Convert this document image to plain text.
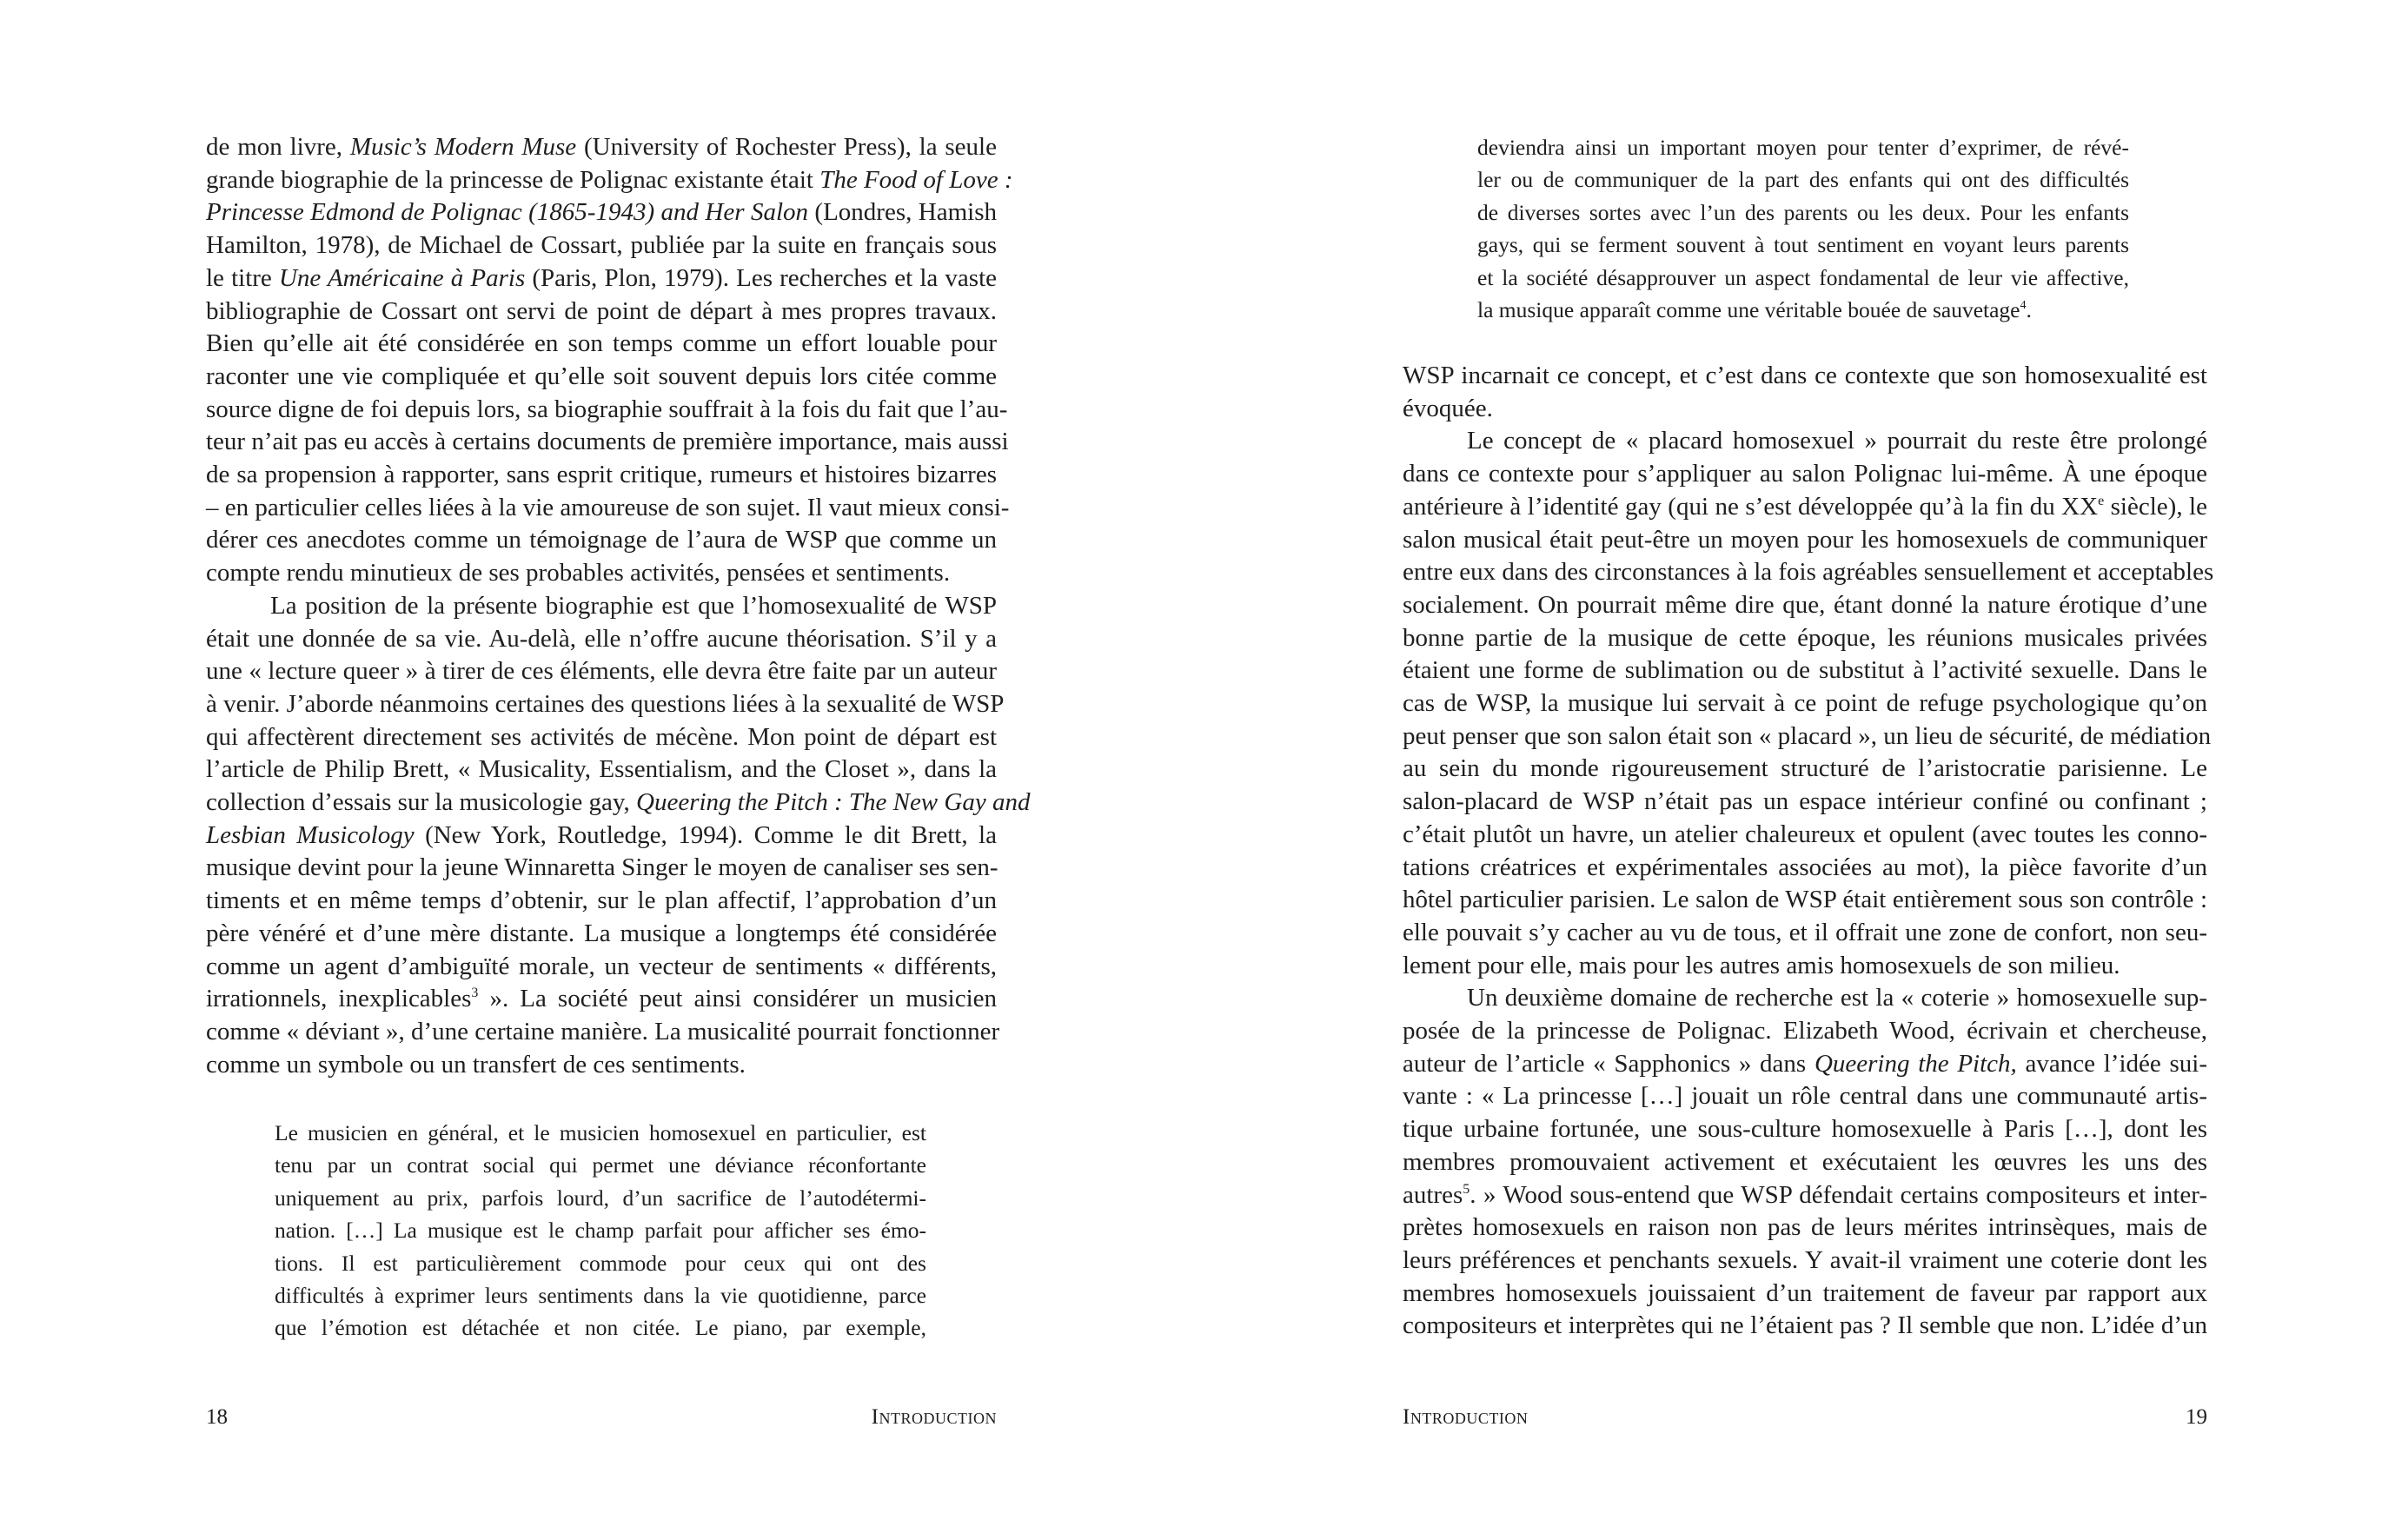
de mon livre, Music’s Modern Muse (University of Rochester Press), la seule
grande biographie de la princesse de Polignac existante était The Food of Love :
Princesse Edmond de Polignac (1865-1943) and Her Salon (Londres, Hamish
Hamilton, 1978), de Michael de Cossart, publiée par la suite en français sous
le titre Une Américaine à Paris (Paris, Plon, 1979). Les recherches et la vaste
bibliographie de Cossart ont servi de point de départ à mes propres travaux.
Bien qu’elle ait été considérée en son temps comme un effort louable pour
raconter une vie compliquée et qu’elle soit souvent depuis lors citée comme
source digne de foi depuis lors, sa biographie souffrait à la fois du fait que l’au-
teur n’ait pas eu accès à certains documents de première importance, mais aussi
de sa propension à rapporter, sans esprit critique, rumeurs et histoires bizarres
– en particulier celles liées à la vie amoureuse de son sujet. Il vaut mieux consi-
dérer ces anecdotes comme un témoignage de l’aura de WSP que comme un
compte rendu minutieux de ses probables activités, pensées et sentiments.
La position de la présente biographie est que l’homosexualité de WSP
était une donnée de sa vie. Au-delà, elle n’offre aucune théorisation. S’il y a
une « lecture queer » à tirer de ces éléments, elle devra être faite par un auteur
à venir. J’aborde néanmoins certaines des questions liées à la sexualité de WSP
qui affectèrent directement ses activités de mécène. Mon point de départ est
l’article de Philip Brett, « Musicality, Essentialism, and the Closet », dans la
collection d’essais sur la musicologie gay, Queering the Pitch : The New Gay and
Lesbian Musicology (New York, Routledge, 1994). Comme le dit Brett, la
musique devint pour la jeune Winnaretta Singer le moyen de canaliser ses sen-
timents et en même temps d’obtenir, sur le plan affectif, l’approbation d’un
père vénéré et d’une mère distante. La musique a longtemps été considérée
comme un agent d’ambiguïté morale, un vecteur de sentiments « différents,
irrationnels, inexplicables$^3$ ». La société peut ainsi considérer un musicien
comme « déviant », d’une certaine manière. La musicalité pourrait fonctionner
comme un symbole ou un transfert de ces sentiments.
Le musicien en général, et le musicien homosexuel en particulier, est
tenu par un contrat social qui permet une déviance réconfortante
uniquement au prix, parfois lourd, d’un sacrifice de l’autodétermi-
nation. […] La musique est le champ parfait pour afficher ses émo-
tions. Il est particulièrement commode pour ceux qui ont des
difficultés à exprimer leurs sentiments dans la vie quotidienne, parce
que l’émotion est détachée et non citée. Le piano, par exemple,
18	Introduction
deviendra ainsi un important moyen pour tenter d’exprimer, de révé-
ler ou de communiquer de la part des enfants qui ont des difficultés
de diverses sortes avec l’un des parents ou les deux. Pour les enfants
gays, qui se ferment souvent à tout sentiment en voyant leurs parents
et la société désapprouver un aspect fondamental de leur vie affective,
la musique apparaît comme une véritable bouée de sauvetage$^4$.
WSP incarnait ce concept, et c’est dans ce contexte que son homosexualité est
évoquée.
Le concept de « placard homosexuel » pourrait du reste être prolongé
dans ce contexte pour s’appliquer au salon Polignac lui-même. À une époque
antérieure à l’identité gay (qui ne s’est développée qu’à la fin du XXe siècle), le
salon musical était peut-être un moyen pour les homosexuels de communiquer
entre eux dans des circonstances à la fois agréables sensuellement et acceptables
socialement. On pourrait même dire que, étant donné la nature érotique d’une
bonne partie de la musique de cette époque, les réunions musicales privées
étaient une forme de sublimation ou de substitut à l’activité sexuelle. Dans le
cas de WSP, la musique lui servait à ce point de refuge psychologique qu’on
peut penser que son salon était son « placard », un lieu de sécurité, de médiation
au sein du monde rigoureusement structuré de l’aristocratie parisienne. Le
salon-placard de WSP n’était pas un espace intérieur confiné ou confinant ;
c’était plutôt un havre, un atelier chaleureux et opulent (avec toutes les conno-
tations créatrices et expérimentales associées au mot), la pièce favorite d’un
hôtel particulier parisien. Le salon de WSP était entièrement sous son contrôle :
elle pouvait s’y cacher au vu de tous, et il offrait une zone de confort, non seu-
lement pour elle, mais pour les autres amis homosexuels de son milieu.
Un deuxième domaine de recherche est la « coterie » homosexuelle sup-
posée de la princesse de Polignac. Elizabeth Wood, écrivain et chercheuse,
auteur de l’article « Sapphonics » dans Queering the Pitch, avance l’idée sui-
vante : « La princesse […] jouait un rôle central dans une communauté artis-
tique urbaine fortunée, une sous-culture homosexuelle à Paris […], dont les
membres promouvaient activement et exécutaient les œuvres les uns des
autres$^5$. » Wood sous-entend que WSP défendait certains compositeurs et inter-
prètes homosexuels en raison non pas de leurs mérites intrinsèques, mais de
leurs préférences et penchants sexuels. Y avait-il vraiment une coterie dont les
membres homosexuels jouissaient d’un traitement de faveur par rapport aux
compositeurs et interprètes qui ne l’étaient pas ? Il semble que non. L’idée d’un
Introduction	19
